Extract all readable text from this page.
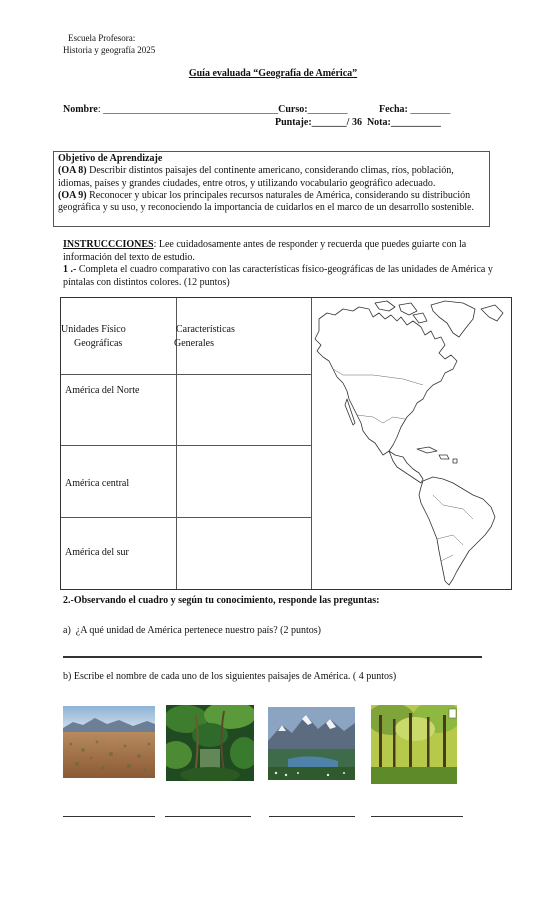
Escuela Profesora:
Historia y geografía 2025
Guía evaluada “Geografía de América”
Nombre: ___________________________________Curso:________	Fecha: ________
Puntaje:_______/ 36 Nota:__________

Objetivo de Aprendizaje

(OA 8) Describir distintos paisajes del continente americano, considerando climas, ríos, población, idiomas, países y grandes ciudades, entre otros, y utilizando vocabulario geográfico adecuado.

(OA 9) Reconocer y ubicar los principales recursos naturales de América, considerando su distribución geográfica y su uso, y reconociendo la importancia de cuidarlos en el marco de un desarrollo sostenible.

INSTRUCCCIONES: Lee cuidadosamente antes de responder y recuerda que puedes guiarte con la información del texto de estudio.
1 .- Completa el cuadro comparativo con las características físico-geográficas de las unidades de América y píntalas con distintos colores. (12 puntos)
Unidades Físico
Geográficas
Características
Generales
América del Norte
América central
América del sur
2.-Observando el cuadro y según tu conocimiento, responde las preguntas:
a) ¿A qué unidad de América pertenece nuestro país? (2 puntos)
b) Escribe el nombre de cada uno de los siguientes paisajes de América. ( 4 puntos)
